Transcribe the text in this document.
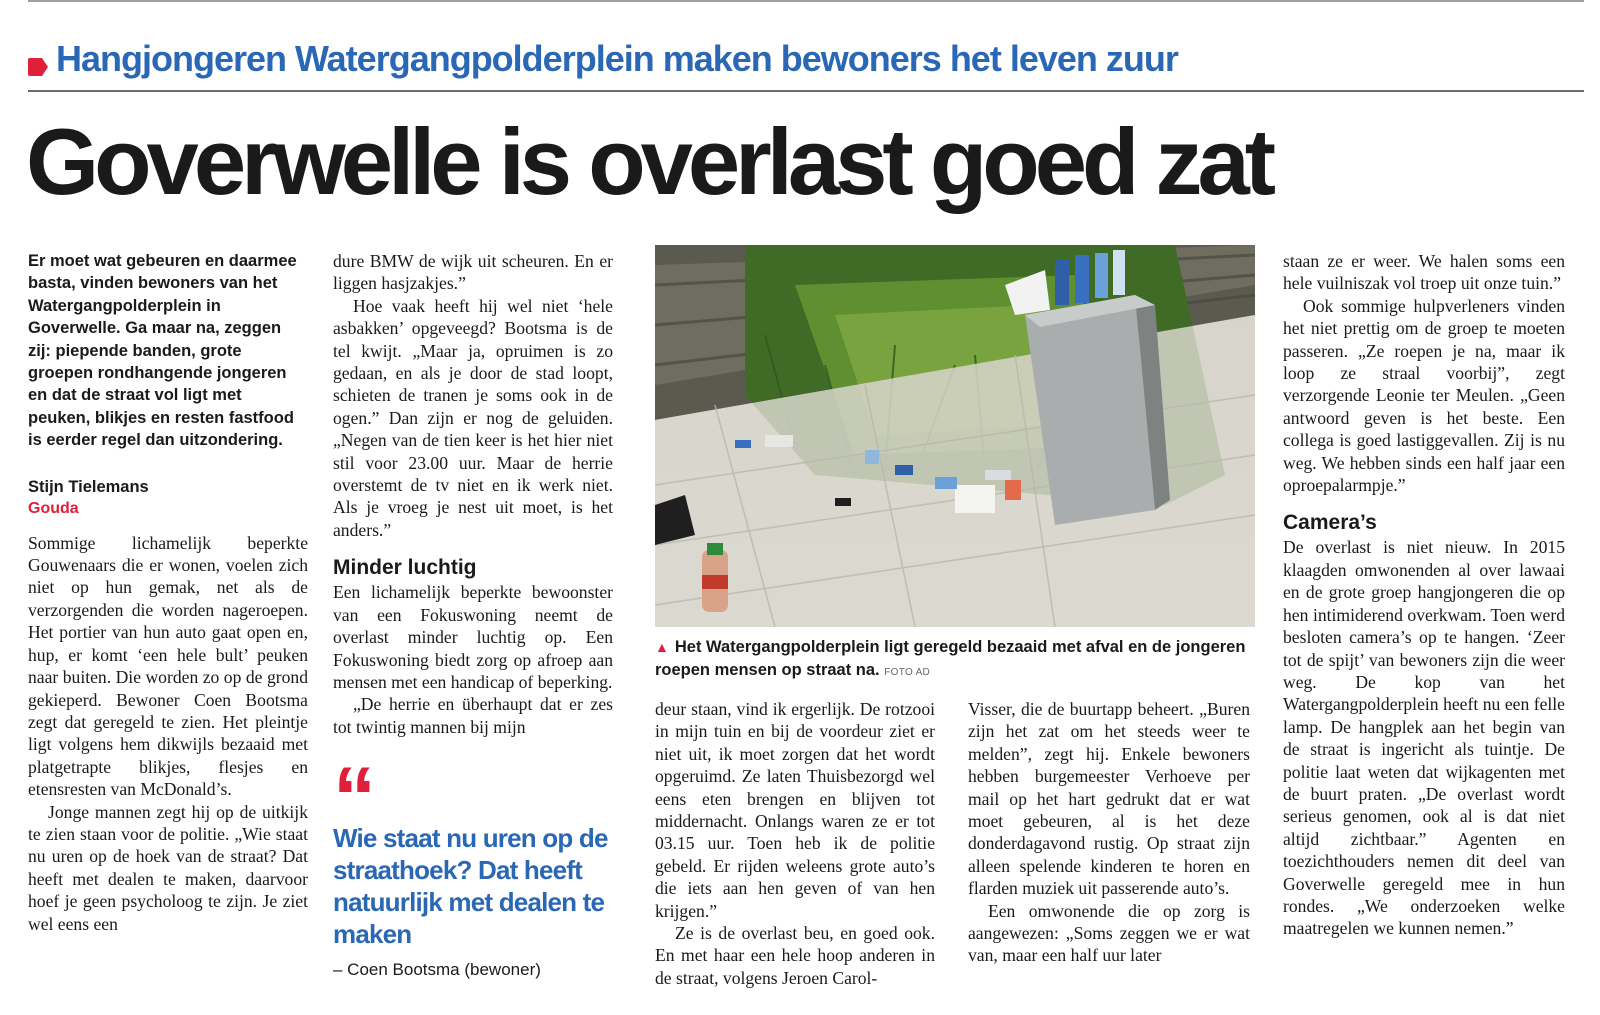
Hangjongeren Watergangpolderplein maken bewoners het leven zuur
Goverwelle is overlast goed zat
Er moet wat gebeuren en daarmee basta, vinden bewoners van het Watergangpolderplein in Goverwelle. Ga maar na, zeggen zij: piepende banden, grote groepen rondhangende jongeren en dat de straat vol ligt met peuken, blikjes en resten fastfood is eerder regel dan uitzondering.
Stijn Tielemans
Gouda

Sommige lichamelijk beperkte Gouwenaars die er wonen, voelen zich niet op hun gemak, net als de verzorgenden die worden nageroepen. Het portier van hun auto gaat open en, hup, er komt ‘een hele bult’ peuken naar buiten. Die worden zo op de grond gekieperd. Bewoner Coen Bootsma zegt dat geregeld te zien. Het pleintje ligt volgens hem dikwijls bezaaid met platgetrapte blikjes, flesjes en etensresten van McDonald’s.

Jonge mannen zegt hij op de uitkijk te zien staan voor de politie. „Wie staat nu uren op de hoek van de straat? Dat heeft met dealen te maken, daarvoor hoef je geen psycholoog te zijn. Je ziet wel eens een

dure BMW de wijk uit scheuren. En er liggen hasjzakjes.”

Hoe vaak heeft hij wel niet ‘hele asbakken’ opgeveegd? Bootsma is de tel kwijt. „Maar ja, opruimen is zo gedaan, en als je door de stad loopt, schieten de tranen je soms ook in de ogen.” Dan zijn er nog de geluiden. „Negen van de tien keer is het hier niet stil voor 23.00 uur. Maar de herrie overstemt de tv niet en ik werk niet. Als je vroeg je nest uit moet, is het anders.”

Minder luchtig

Een lichamelijk beperkte bewoonster van een Fokuswoning neemt de overlast minder luchtig op. Een Fokuswoning biedt zorg op afroep aan mensen met een handicap of beperking.

„De herrie en überhaupt dat er zes tot twintig mannen bij mijn

“
Wie staat nu uren op de straathoek? Dat heeft natuurlijk met dealen te maken
– Coen Bootsma (bewoner)
▲ Het Watergangpolderplein ligt geregeld bezaaid met afval en de jongeren roepen mensen op straat na. FOTO AD

deur staan, vind ik ergerlijk. De rotzooi in mijn tuin en bij de voordeur ziet er niet uit, ik moet zorgen dat het wordt opgeruimd. Ze laten Thuisbezorgd wel eens eten brengen en blijven tot middernacht. Onlangs waren ze er tot 03.15 uur. Toen heb ik de politie gebeld. Er rijden weleens grote auto’s die iets aan hen geven of van hen krijgen.”

Ze is de overlast beu, en goed ook. En met haar een hele hoop anderen in de straat, volgens Jeroen Carol-

Visser, die de buurtapp beheert. „Buren zijn het zat om het steeds weer te melden”, zegt hij. Enkele bewoners hebben burgemeester Verhoeve per mail op het hart gedrukt dat er wat moet gebeuren, al is het deze donderdagavond rustig. Op straat zijn alleen spelende kinderen te horen en flarden muziek uit passerende auto’s.

Een omwonende die op zorg is aangewezen: „Soms zeggen we er wat van, maar een half uur later

staan ze er weer. We halen soms een hele vuilniszak vol troep uit onze tuin.”

Ook sommige hulpverleners vinden het niet prettig om de groep te moeten passeren. „Ze roepen je na, maar ik loop ze straal voorbij”, zegt verzorgende Leonie ter Meulen. „Geen antwoord geven is het beste. Een collega is goed lastiggevallen. Zij is nu weg. We hebben sinds een half jaar een oproepalarmpje.”

Camera’s

De overlast is niet nieuw. In 2015 klaagden omwonenden al over lawaai en de grote groep hangjongeren die op hen intimiderend overkwam. Toen werd besloten camera’s op te hangen. ‘Zeer tot de spijt’ van bewoners zijn die weer weg. De kop van het Watergangpolderplein heeft nu een felle lamp. De hangplek aan het begin van de straat is ingericht als tuintje. De politie laat weten dat wijkagenten met de buurt praten. „De overlast wordt serieus genomen, ook al is dat niet altijd zichtbaar.” Agenten en toezichthouders nemen dit deel van Goverwelle geregeld mee in hun rondes. „We onderzoeken welke maatregelen we kunnen nemen.”
